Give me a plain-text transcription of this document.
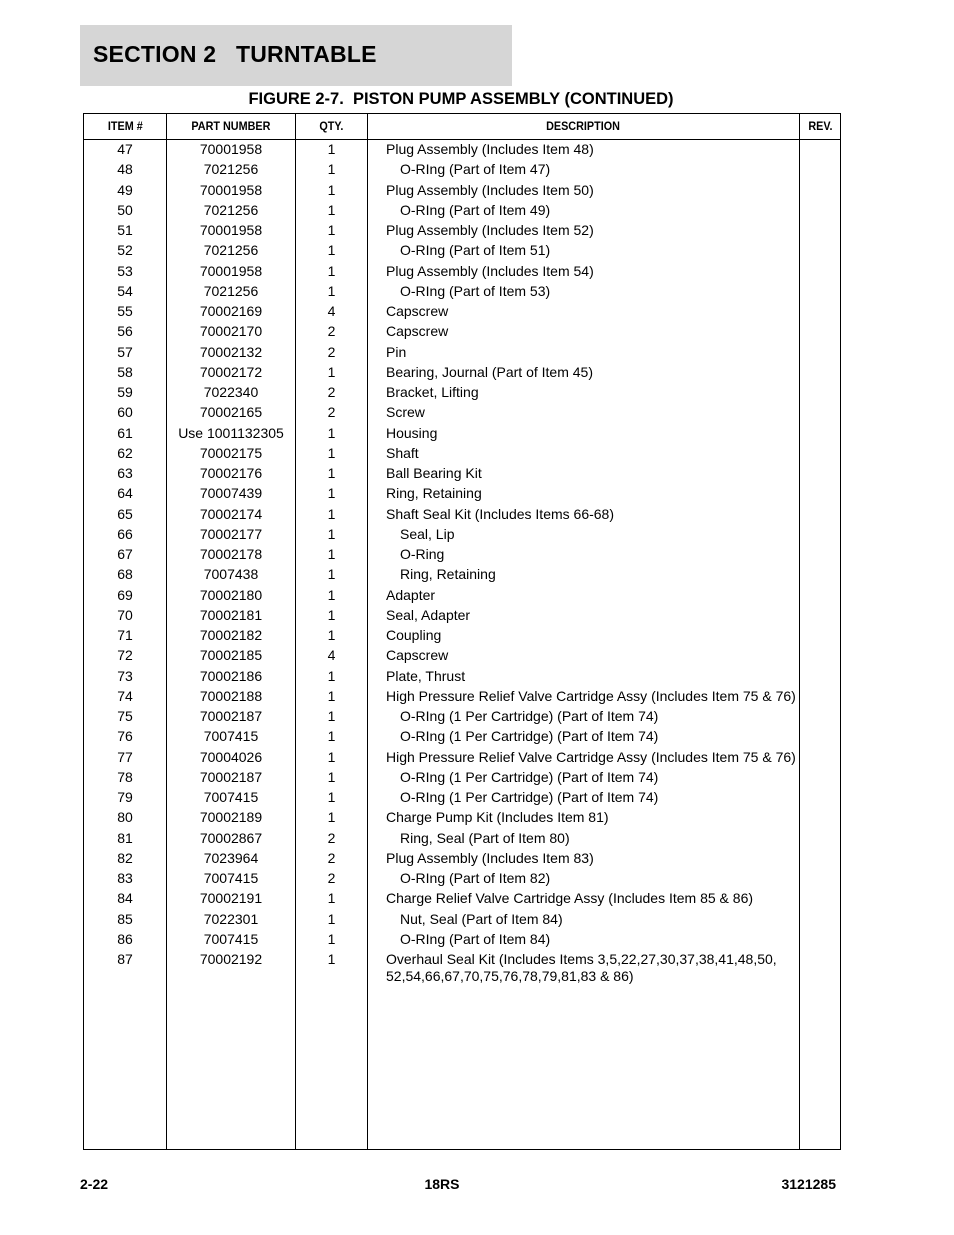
SECTION 2   TURNTABLE
FIGURE 2-7.  PISTON PUMP ASSEMBLY (CONTINUED)
ITEM #	PART NUMBER	QTY.	DESCRIPTION	REV.
47	70001958	1	Plug Assembly (Includes Item 48)
48	7021256	1	O-RIng (Part of Item 47)
49	70001958	1	Plug Assembly (Includes Item 50)
50	7021256	1	O-RIng (Part of Item 49)
51	70001958	1	Plug Assembly (Includes Item 52)
52	7021256	1	O-RIng (Part of Item 51)
53	70001958	1	Plug Assembly (Includes Item 54)
54	7021256	1	O-RIng (Part of Item 53)
55	70002169	4	Capscrew
56	70002170	2	Capscrew
57	70002132	2	Pin
58	70002172	1	Bearing, Journal (Part of Item 45)
59	7022340	2	Bracket, Lifting
60	70002165	2	Screw
61	Use 1001132305	1	Housing
62	70002175	1	Shaft
63	70002176	1	Ball Bearing Kit
64	70007439	1	Ring, Retaining
65	70002174	1	Shaft Seal Kit (Includes Items 66-68)
66	70002177	1	Seal, Lip
67	70002178	1	O-Ring
68	7007438	1	Ring, Retaining
69	70002180	1	Adapter
70	70002181	1	Seal, Adapter
71	70002182	1	Coupling
72	70002185	4	Capscrew
73	70002186	1	Plate, Thrust
74	70002188	1	High Pressure Relief Valve Cartridge Assy (Includes Item 75 & 76)
75	70002187	1	O-RIng (1 Per Cartridge) (Part of Item 74)
76	7007415	1	O-RIng (1 Per Cartridge) (Part of Item 74)
77	70004026	1	High Pressure Relief Valve Cartridge Assy (Includes Item 75 & 76)
78	70002187	1	O-RIng (1 Per Cartridge) (Part of Item 74)
79	7007415	1	O-RIng (1 Per Cartridge) (Part of Item 74)
80	70002189	1	Charge Pump Kit (Includes Item 81)
81	70002867	2	Ring, Seal (Part of Item 80)
82	7023964	2	Plug Assembly (Includes Item 83)
83	7007415	2	O-RIng (Part of Item 82)
84	70002191	1	Charge Relief Valve Cartridge Assy (Includes Item 85 & 86)
85	7022301	1	Nut, Seal (Part of Item 84)
86	7007415	1	O-RIng (Part of Item 84)
87	70002192	1	Overhaul Seal Kit (Includes Items 3,5,22,27,30,37,38,41,48,50, 52,54,66,67,70,75,76,78,79,81,83 & 86)
2-22	18RS	3121285
